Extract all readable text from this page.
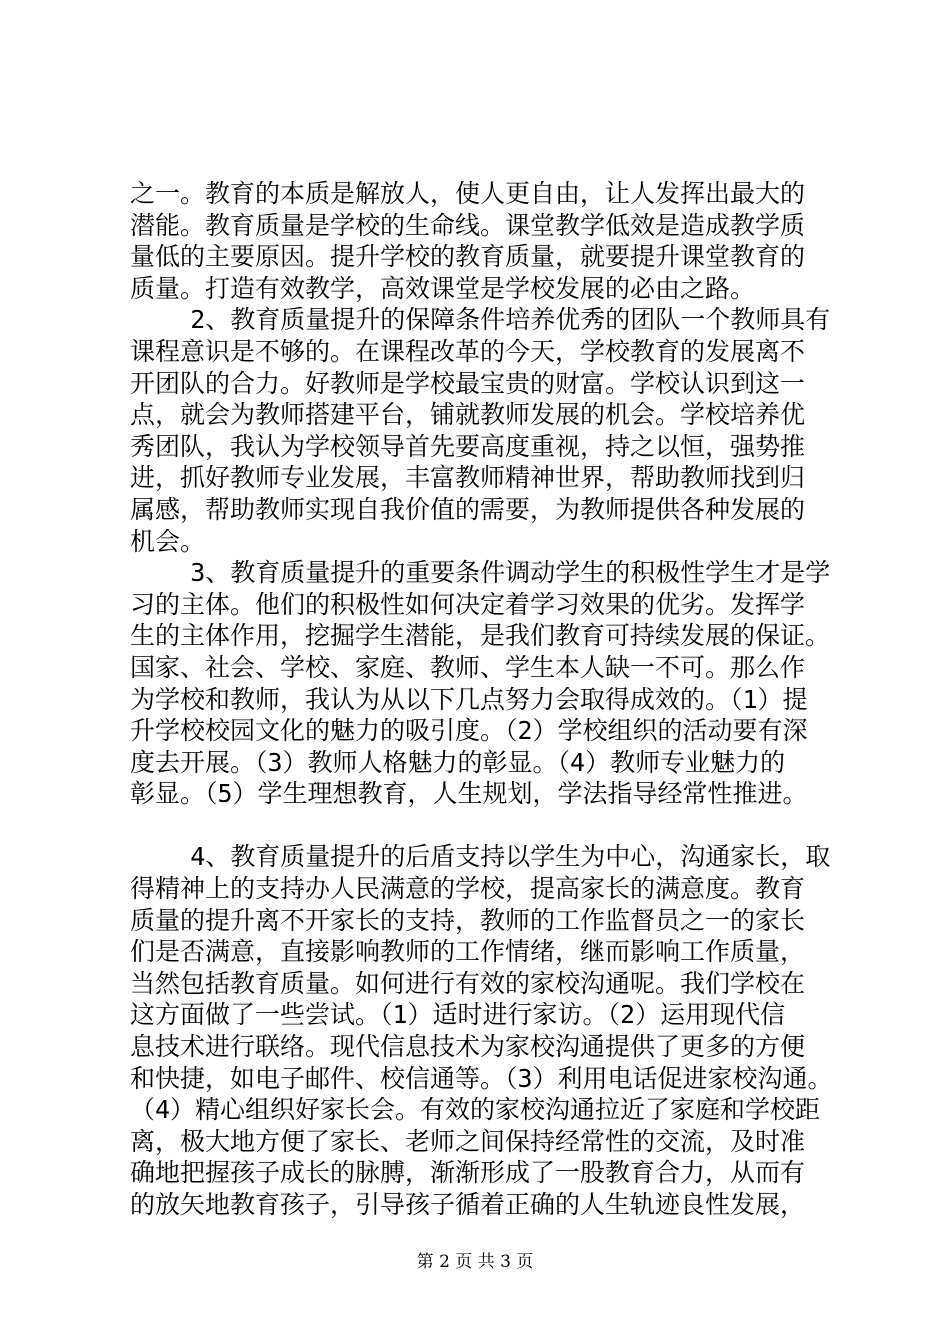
之一。教育的本质是解放人，使人更自由，让人发挥出最大的
潜能。教育质量是学校的生命线。课堂教学低效是造成教学质
量低的主要原因。提升学校的教育质量，就要提升课堂教育的
质量。打造有效教学，高效课堂是学校发展的必由之路。
2、教育质量提升的保障条件培养优秀的团队一个教师具有
课程意识是不够的。在课程改革的今天，学校教育的发展离不
开团队的合力。好教师是学校最宝贵的财富。学校认识到这一
点，就会为教师搭建平台，铺就教师发展的机会。学校培养优
秀团队，我认为学校领导首先要高度重视，持之以恒，强势推
进，抓好教师专业发展，丰富教师精神世界，帮助教师找到归
属感，帮助教师实现自我价值的需要，为教师提供各种发展的
机会。
3、教育质量提升的重要条件调动学生的积极性学生才是学
习的主体。他们的积极性如何决定着学习效果的优劣。发挥学
生的主体作用，挖掘学生潜能，是我们教育可持续发展的保证。
国家、社会、学校、家庭、教师、学生本人缺一不可。那么作
为学校和教师，我认为从以下几点努力会取得成效的。（1）提
升学校校园文化的魅力的吸引度。（2）学校组织的活动要有深
度去开展。（3）教师人格魅力的彰显。（4）教师专业魅力的
彰显。（5）学生理想教育，人生规划，学法指导经常性推进。
4、教育质量提升的后盾支持以学生为中心，沟通家长，取
得精神上的支持办人民满意的学校，提高家长的满意度。教育
质量的提升离不开家长的支持，教师的工作监督员之一的家长
们是否满意，直接影响教师的工作情绪，继而影响工作质量，
当然包括教育质量。如何进行有效的家校沟通呢。我们学校在
这方面做了一些尝试。（1）适时进行家访。（2）运用现代信
息技术进行联络。现代信息技术为家校沟通提供了更多的方便
和快捷，如电子邮件、校信通等。（3）利用电话促进家校沟通。
（4）精心组织好家长会。有效的家校沟通拉近了家庭和学校距
离，极大地方便了家长、老师之间保持经常性的交流，及时准
确地把握孩子成长的脉膊，渐渐形成了一股教育合力，从而有
的放矢地教育孩子，引导孩子循着正确的人生轨迹良性发展，
第 2 页 共 3 页
